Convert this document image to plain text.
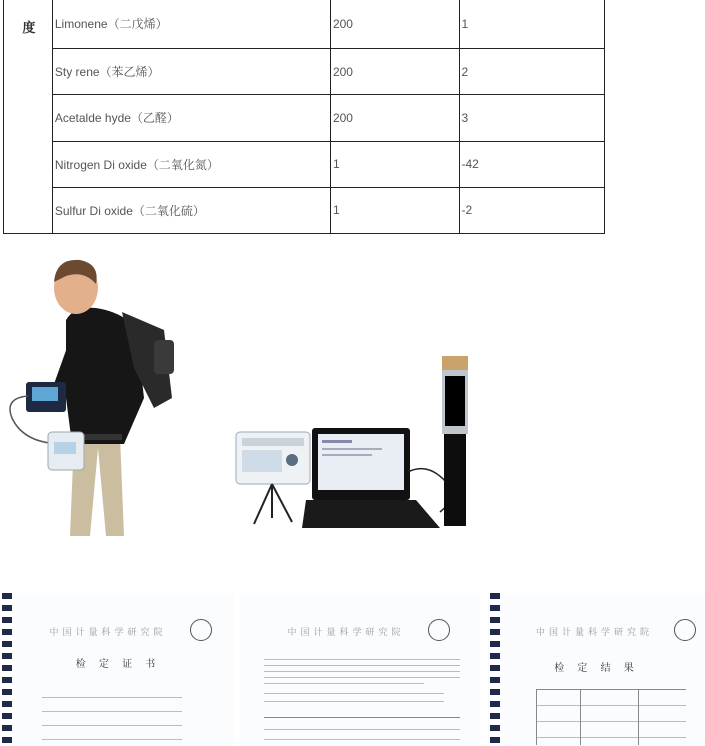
度	Limonene（二戊烯）	200	1
	Sty rene（苯乙烯）	200	2
	Acetalde hyde（乙醛）	200	3
	Nitrogen Di oxide（二氧化氮）	1	-42
	Sulfur Di oxide（二氧化硫）	1	-2
中国计量科学研究院
检 定 证 书
中国计量科学研究院	中国计量科学研究院
检 定 结 果
